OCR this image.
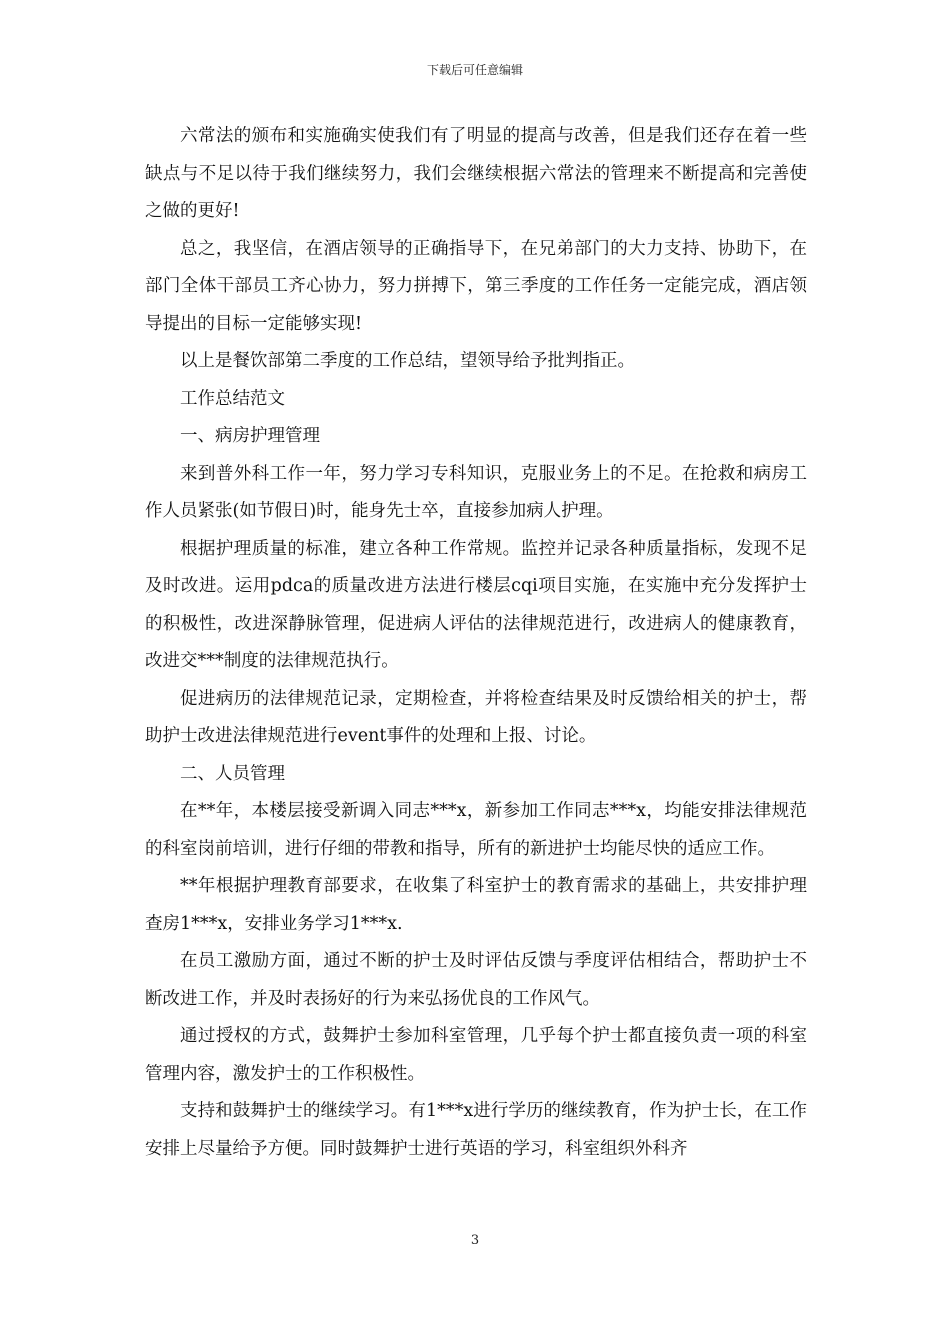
下载后可任意编辑

六常法的颁布和实施确实使我们有了明显的提高与改善，但是我们还存在着一些缺点与不足以待于我们继续努力，我们会继续根据六常法的管理来不断提高和完善使之做的更好!

总之，我坚信，在酒店领导的正确指导下，在兄弟部门的大力支持、协助下，在部门全体干部员工齐心协力，努力拼搏下，第三季度的工作任务一定能完成，酒店领导提出的目标一定能够实现!

以上是餐饮部第二季度的工作总结，望领导给予批判指正。

工作总结范文

一、病房护理管理

来到普外科工作一年，努力学习专科知识，克服业务上的不足。在抢救和病房工作人员紧张(如节假日)时，能身先士卒，直接参加病人护理。

根据护理质量的标准，建立各种工作常规。监控并记录各种质量指标，发现不足及时改进。运用pdca的质量改进方法进行楼层cqi项目实施，在实施中充分发挥护士的积极性，改进深静脉管理，促进病人评估的法律规范进行，改进病人的健康教育，改进交***制度的法律规范执行。

促进病历的法律规范记录，定期检查，并将检查结果及时反馈给相关的护士，帮助护士改进法律规范进行event事件的处理和上报、讨论。

二、人员管理

在**年，本楼层接受新调入同志***x，新参加工作同志***x，均能安排法律规范的科室岗前培训，进行仔细的带教和指导，所有的新进护士均能尽快的适应工作。

**年根据护理教育部要求，在收集了科室护士的教育需求的基础上，共安排护理查房1***x，安排业务学习1***x.

在员工激励方面，通过不断的护士及时评估反馈与季度评估相结合，帮助护士不断改进工作，并及时表扬好的行为来弘扬优良的工作风气。

通过授权的方式，鼓舞护士参加科室管理，几乎每个护士都直接负责一项的科室管理内容，激发护士的工作积极性。

支持和鼓舞护士的继续学习。有1***x进行学历的继续教育，作为护士长，在工作安排上尽量给予方便。同时鼓舞护士进行英语的学习，科室组织外科齐

3
